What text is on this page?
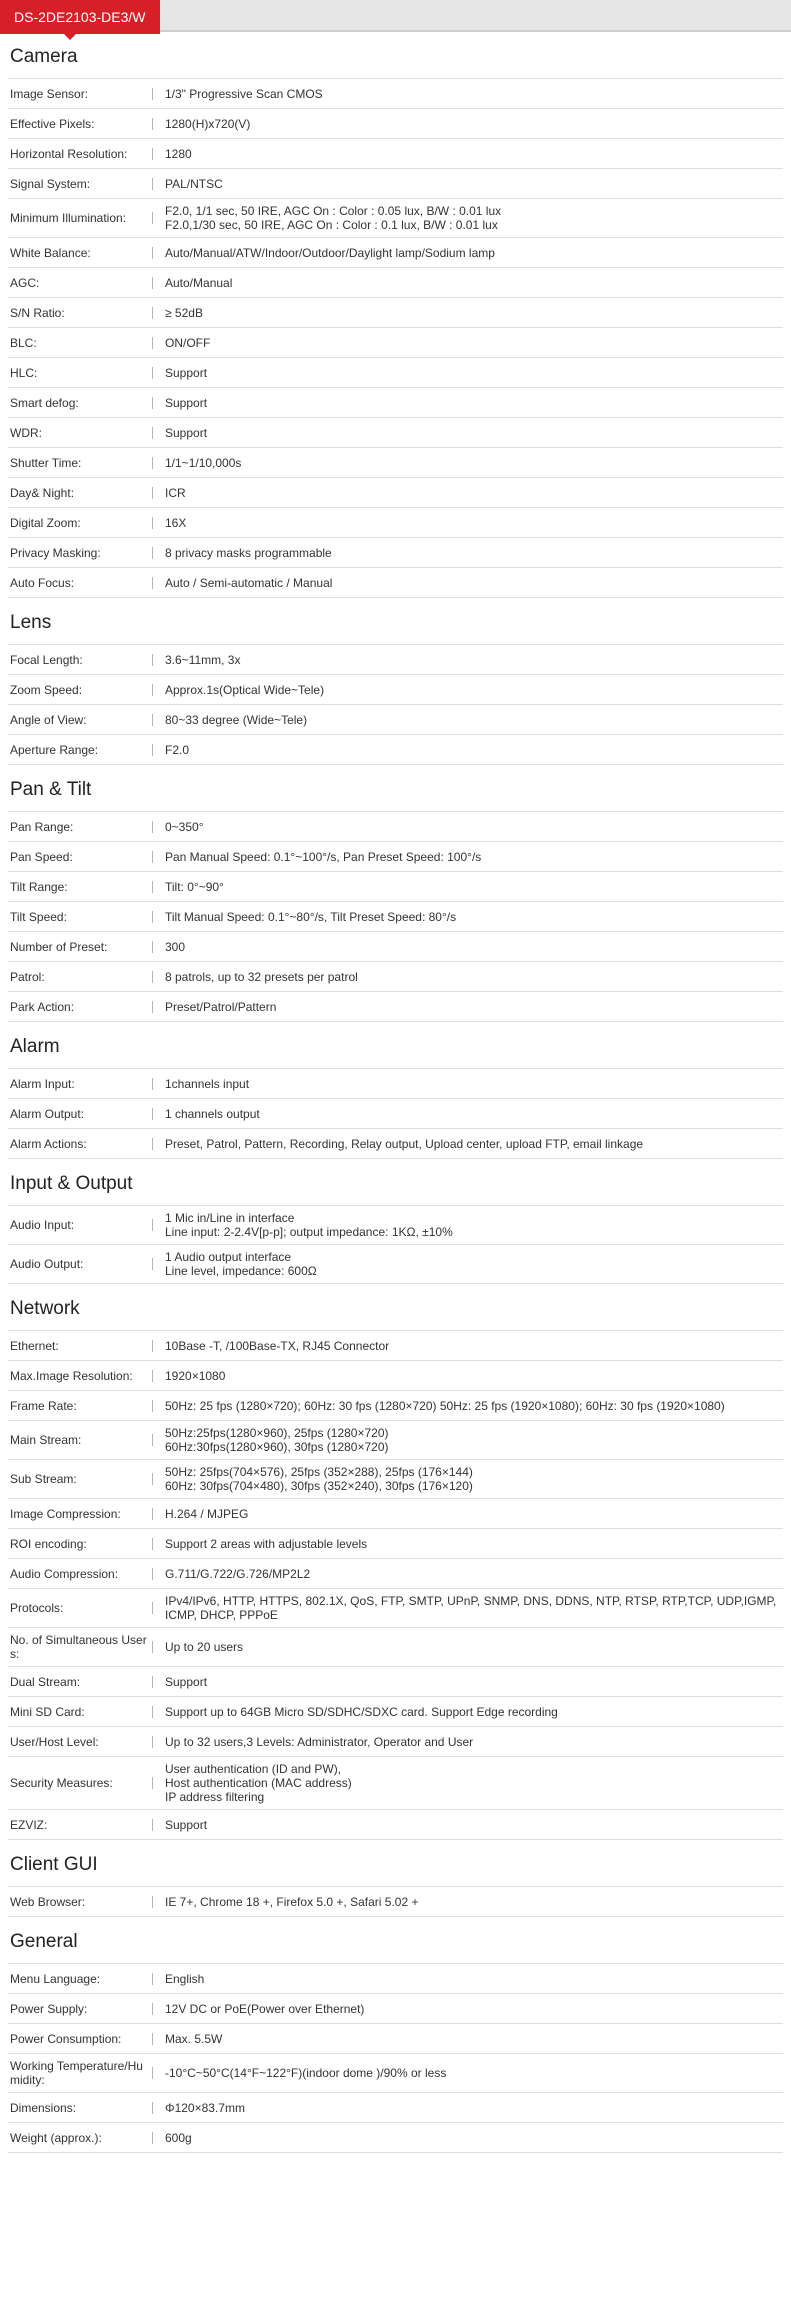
DS-2DE2103-DE3/W
Camera
Image Sensor:	1/3" Progressive Scan CMOS
Effective Pixels:	1280(H)x720(V)
Horizontal Resolution:	1280
Signal System:	PAL/NTSC
Minimum Illumination:	F2.0, 1/1 sec, 50 IRE, AGC On : Color : 0.05 lux, B/W : 0.01 lux
F2.0,1/30 sec, 50 IRE, AGC On : Color : 0.1 lux, B/W : 0.01 lux
White Balance:	Auto/Manual/ATW/Indoor/Outdoor/Daylight lamp/Sodium lamp
AGC:	Auto/Manual
S/N Ratio:	≥ 52dB
BLC:	ON/OFF
HLC:	Support
Smart defog:	Support
WDR:	Support
Shutter Time:	1/1~1/10,000s
Day& Night:	ICR
Digital Zoom:	16X
Privacy Masking:	8 privacy masks programmable
Auto Focus:	Auto / Semi-automatic / Manual
Lens
Focal Length:	3.6~11mm, 3x
Zoom Speed:	Approx.1s(Optical Wide~Tele)
Angle of View:	80~33 degree (Wide~Tele)
Aperture Range:	F2.0
Pan & Tilt
Pan Range:	0~350°
Pan Speed:	Pan Manual Speed: 0.1°~100°/s, Pan Preset Speed: 100°/s
Tilt Range:	Tilt: 0°~90°
Tilt Speed:	Tilt Manual Speed: 0.1°~80°/s, Tilt Preset Speed: 80°/s
Number of Preset:	300
Patrol:	8 patrols, up to 32 presets per patrol
Park Action:	Preset/Patrol/Pattern
Alarm
Alarm Input:	1channels input
Alarm Output:	1 channels output
Alarm Actions:	Preset, Patrol, Pattern, Recording, Relay output, Upload center, upload FTP, email linkage
Input & Output
Audio Input:	1 Mic in/Line in interface
Line input: 2-2.4V[p-p]; output impedance: 1KΩ, ±10%
Audio Output:	1 Audio output interface
Line level, impedance: 600Ω
Network
Ethernet:	10Base -T, /100Base-TX, RJ45 Connector
Max.Image Resolution:	1920×1080
Frame Rate:	50Hz: 25 fps (1280×720); 60Hz: 30 fps (1280×720) 50Hz: 25 fps (1920×1080); 60Hz: 30 fps (1920×1080)
Main Stream:	50Hz:25fps(1280×960), 25fps (1280×720)
60Hz:30fps(1280×960), 30fps (1280×720)
Sub Stream:	50Hz: 25fps(704×576), 25fps (352×288), 25fps (176×144)
60Hz: 30fps(704×480), 30fps (352×240), 30fps (176×120)
Image Compression:	H.264 / MJPEG
ROI encoding:	Support 2 areas with adjustable levels
Audio Compression:	G.711/G.722/G.726/MP2L2
Protocols:	IPv4/IPv6, HTTP, HTTPS, 802.1X, QoS, FTP, SMTP, UPnP, SNMP, DNS, DDNS, NTP, RTSP, RTP,TCP, UDP,IGMP, ICMP, DHCP, PPPoE
No. of Simultaneous Users:	Up to 20 users
Dual Stream:	Support
Mini SD Card:	Support up to 64GB Micro SD/SDHC/SDXC card. Support Edge recording
User/Host Level:	Up to 32 users,3 Levels: Administrator, Operator and User
Security Measures:
User authentication (ID and PW),
Host authentication (MAC address)
IP address filtering
EZVIZ:	Support
Client GUI
Web Browser:	IE 7+, Chrome 18 +, Firefox 5.0 +, Safari 5.02 +
General
Menu Language:	English
Power Supply:	12V DC or PoE(Power over Ethernet)
Power Consumption:	Max. 5.5W
Working Temperature/Humidity:	-10°C~50°C(14°F~122°F)(indoor dome )/90% or less
Dimensions:	Φ120×83.7mm
Weight (approx.):	600g
